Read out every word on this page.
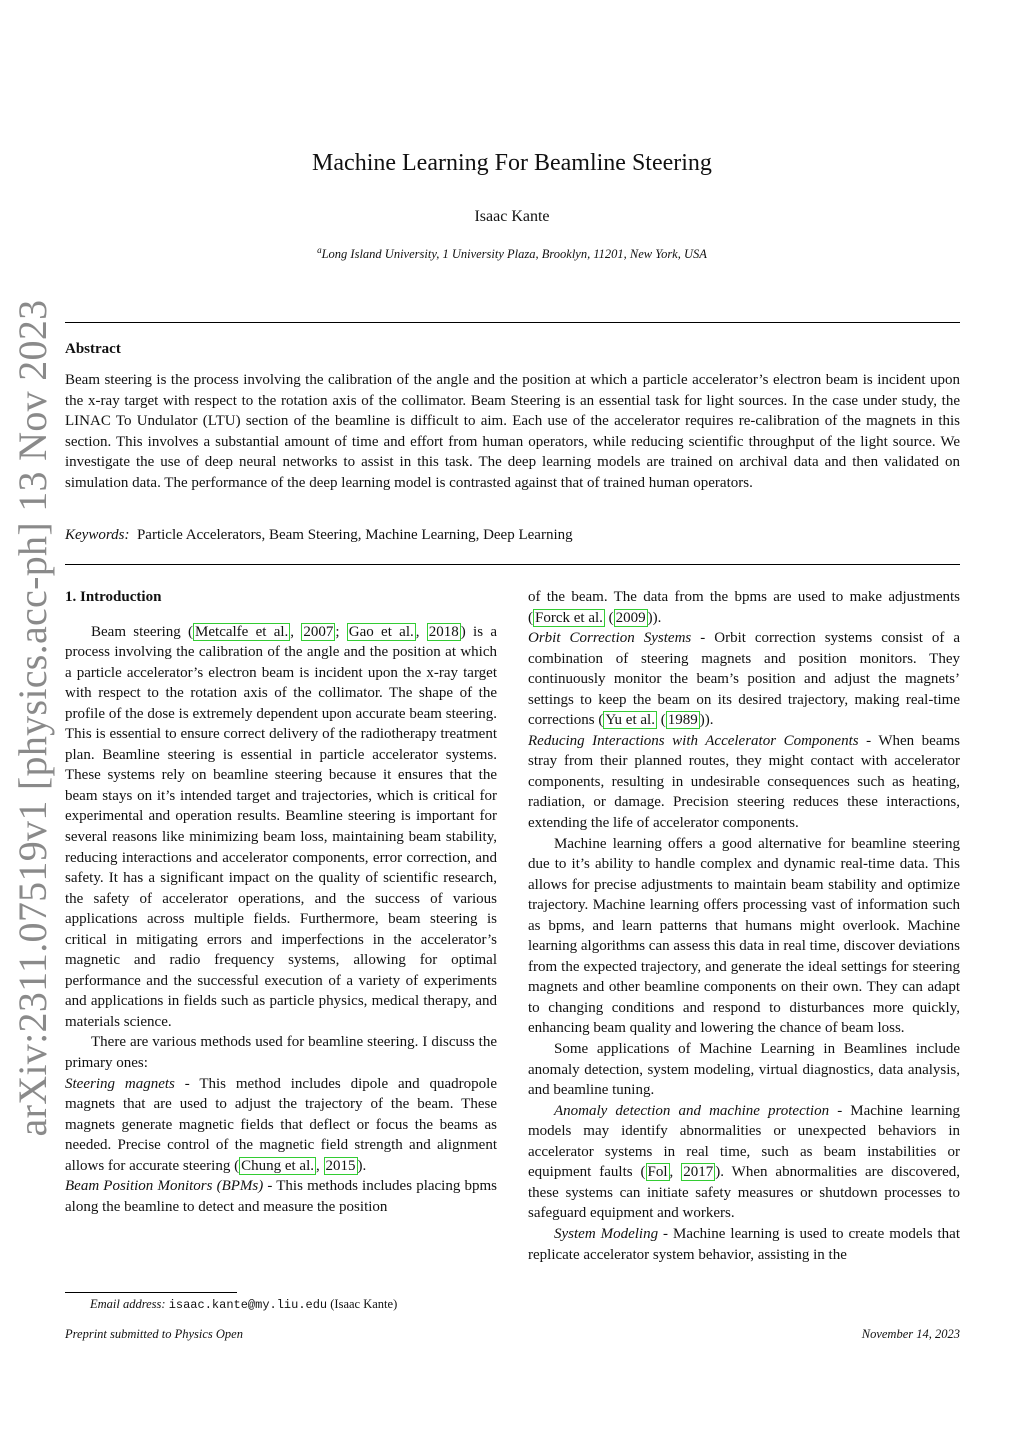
arXiv:2311.07519v1 [physics.acc-ph] 13 Nov 2023
Machine Learning For Beamline Steering
Isaac Kante
$^a$Long Island University, 1 University Plaza, Brooklyn, 11201, New York, USA
Abstract
Beam steering is the process involving the calibration of the angle and the position at which a particle accelerator’s electron beam is incident upon the x-ray target with respect to the rotation axis of the collimator. Beam Steering is an essential task for light sources. In the case under study, the LINAC To Undulator (LTU) section of the beamline is difficult to aim. Each use of the accelerator requires re-calibration of the magnets in this section. This involves a substantial amount of time and effort from human operators, while reducing scientific throughput of the light source. We investigate the use of deep neural networks to assist in this task. The deep learning models are trained on archival data and then validated on simulation data. The performance of the deep learning model is contrasted against that of trained human operators.
Keywords: Particle Accelerators, Beam Steering, Machine Learning, Deep Learning
1. Introduction

Beam steering ( Metcalfe et al. , 2007 ; Gao et al. , 2018 ) is a process involving the calibration of the angle and the position at which a particle accelerator’s electron beam is incident upon the x-ray target with respect to the rotation axis of the collimator. The shape of the profile of the dose is extremely dependent upon accurate beam steering. This is essential to ensure correct delivery of the radiotherapy treatment plan. Beamline steering is essential in particle accelerator systems. These systems rely on beamline steering because it ensures that the beam stays on it’s intended target and trajectories, which is critical for experimental and operation results. Beamline steering is important for several reasons like minimizing beam loss, maintaining beam stability, reducing interactions and accelerator components, error correction, and safety. It has a significant impact on the quality of scientific research, the safety of accelerator operations, and the success of various applications across multiple fields. Furthermore, beam steering is critical in mitigating errors and imperfections in the accelerator’s magnetic and radio frequency systems, allowing for optimal performance and the successful execution of a variety of experiments and applications in fields such as particle physics, medical therapy, and materials science.

There are various methods used for beamline steering. I discuss the primary ones:

Steering magnets - This method includes dipole and quadropole magnets that are used to adjust the trajectory of the beam. These magnets generate magnetic fields that deflect or focus the beams as needed. Precise control of the magnetic field strength and alignment allows for accurate steering ( Chung et al. , 2015 ).

Beam Position Monitors (BPMs) - This methods includes placing bpms along the beamline to detect and measure the position

of the beam. The data from the bpms are used to make adjustments ( Forck et al. ( 2009 )).

Orbit Correction Systems - Orbit correction systems consist of a combination of steering magnets and position monitors. They continuously monitor the beam’s position and adjust the magnets’ settings to keep the beam on its desired trajectory, making real-time corrections ( Yu et al. ( 1989 )).

Reducing Interactions with Accelerator Components - When beams stray from their planned routes, they might contact with accelerator components, resulting in undesirable consequences such as heating, radiation, or damage. Precision steering reduces these interactions, extending the life of accelerator components.

Machine learning offers a good alternative for beamline steering due to it’s ability to handle complex and dynamic real-time data. This allows for precise adjustments to maintain beam stability and optimize trajectory. Machine learning offers processing vast of information such as bpms, and learn patterns that humans might overlook. Machine learning algorithms can assess this data in real time, discover deviations from the expected trajectory, and generate the ideal settings for steering magnets and other beamline components on their own. They can adapt to changing conditions and respond to disturbances more quickly, enhancing beam quality and lowering the chance of beam loss.

Some applications of Machine Learning in Beamlines include anomaly detection, system modeling, virtual diagnostics, data analysis, and beamline tuning.

Anomaly detection and machine protection - Machine learning models may identify abnormalities or unexpected behaviors in accelerator systems in real time, such as beam instabilities or equipment faults ( Fol , 2017 ). When abnormalities are discovered, these systems can initiate safety measures or shutdown processes to safeguard equipment and workers.

System Modeling - Machine learning is used to create models that replicate accelerator system behavior, assisting in the

Email address: isaac.kante@my.liu.edu (Isaac Kante)
Preprint submitted to Physics Open	November 14, 2023
